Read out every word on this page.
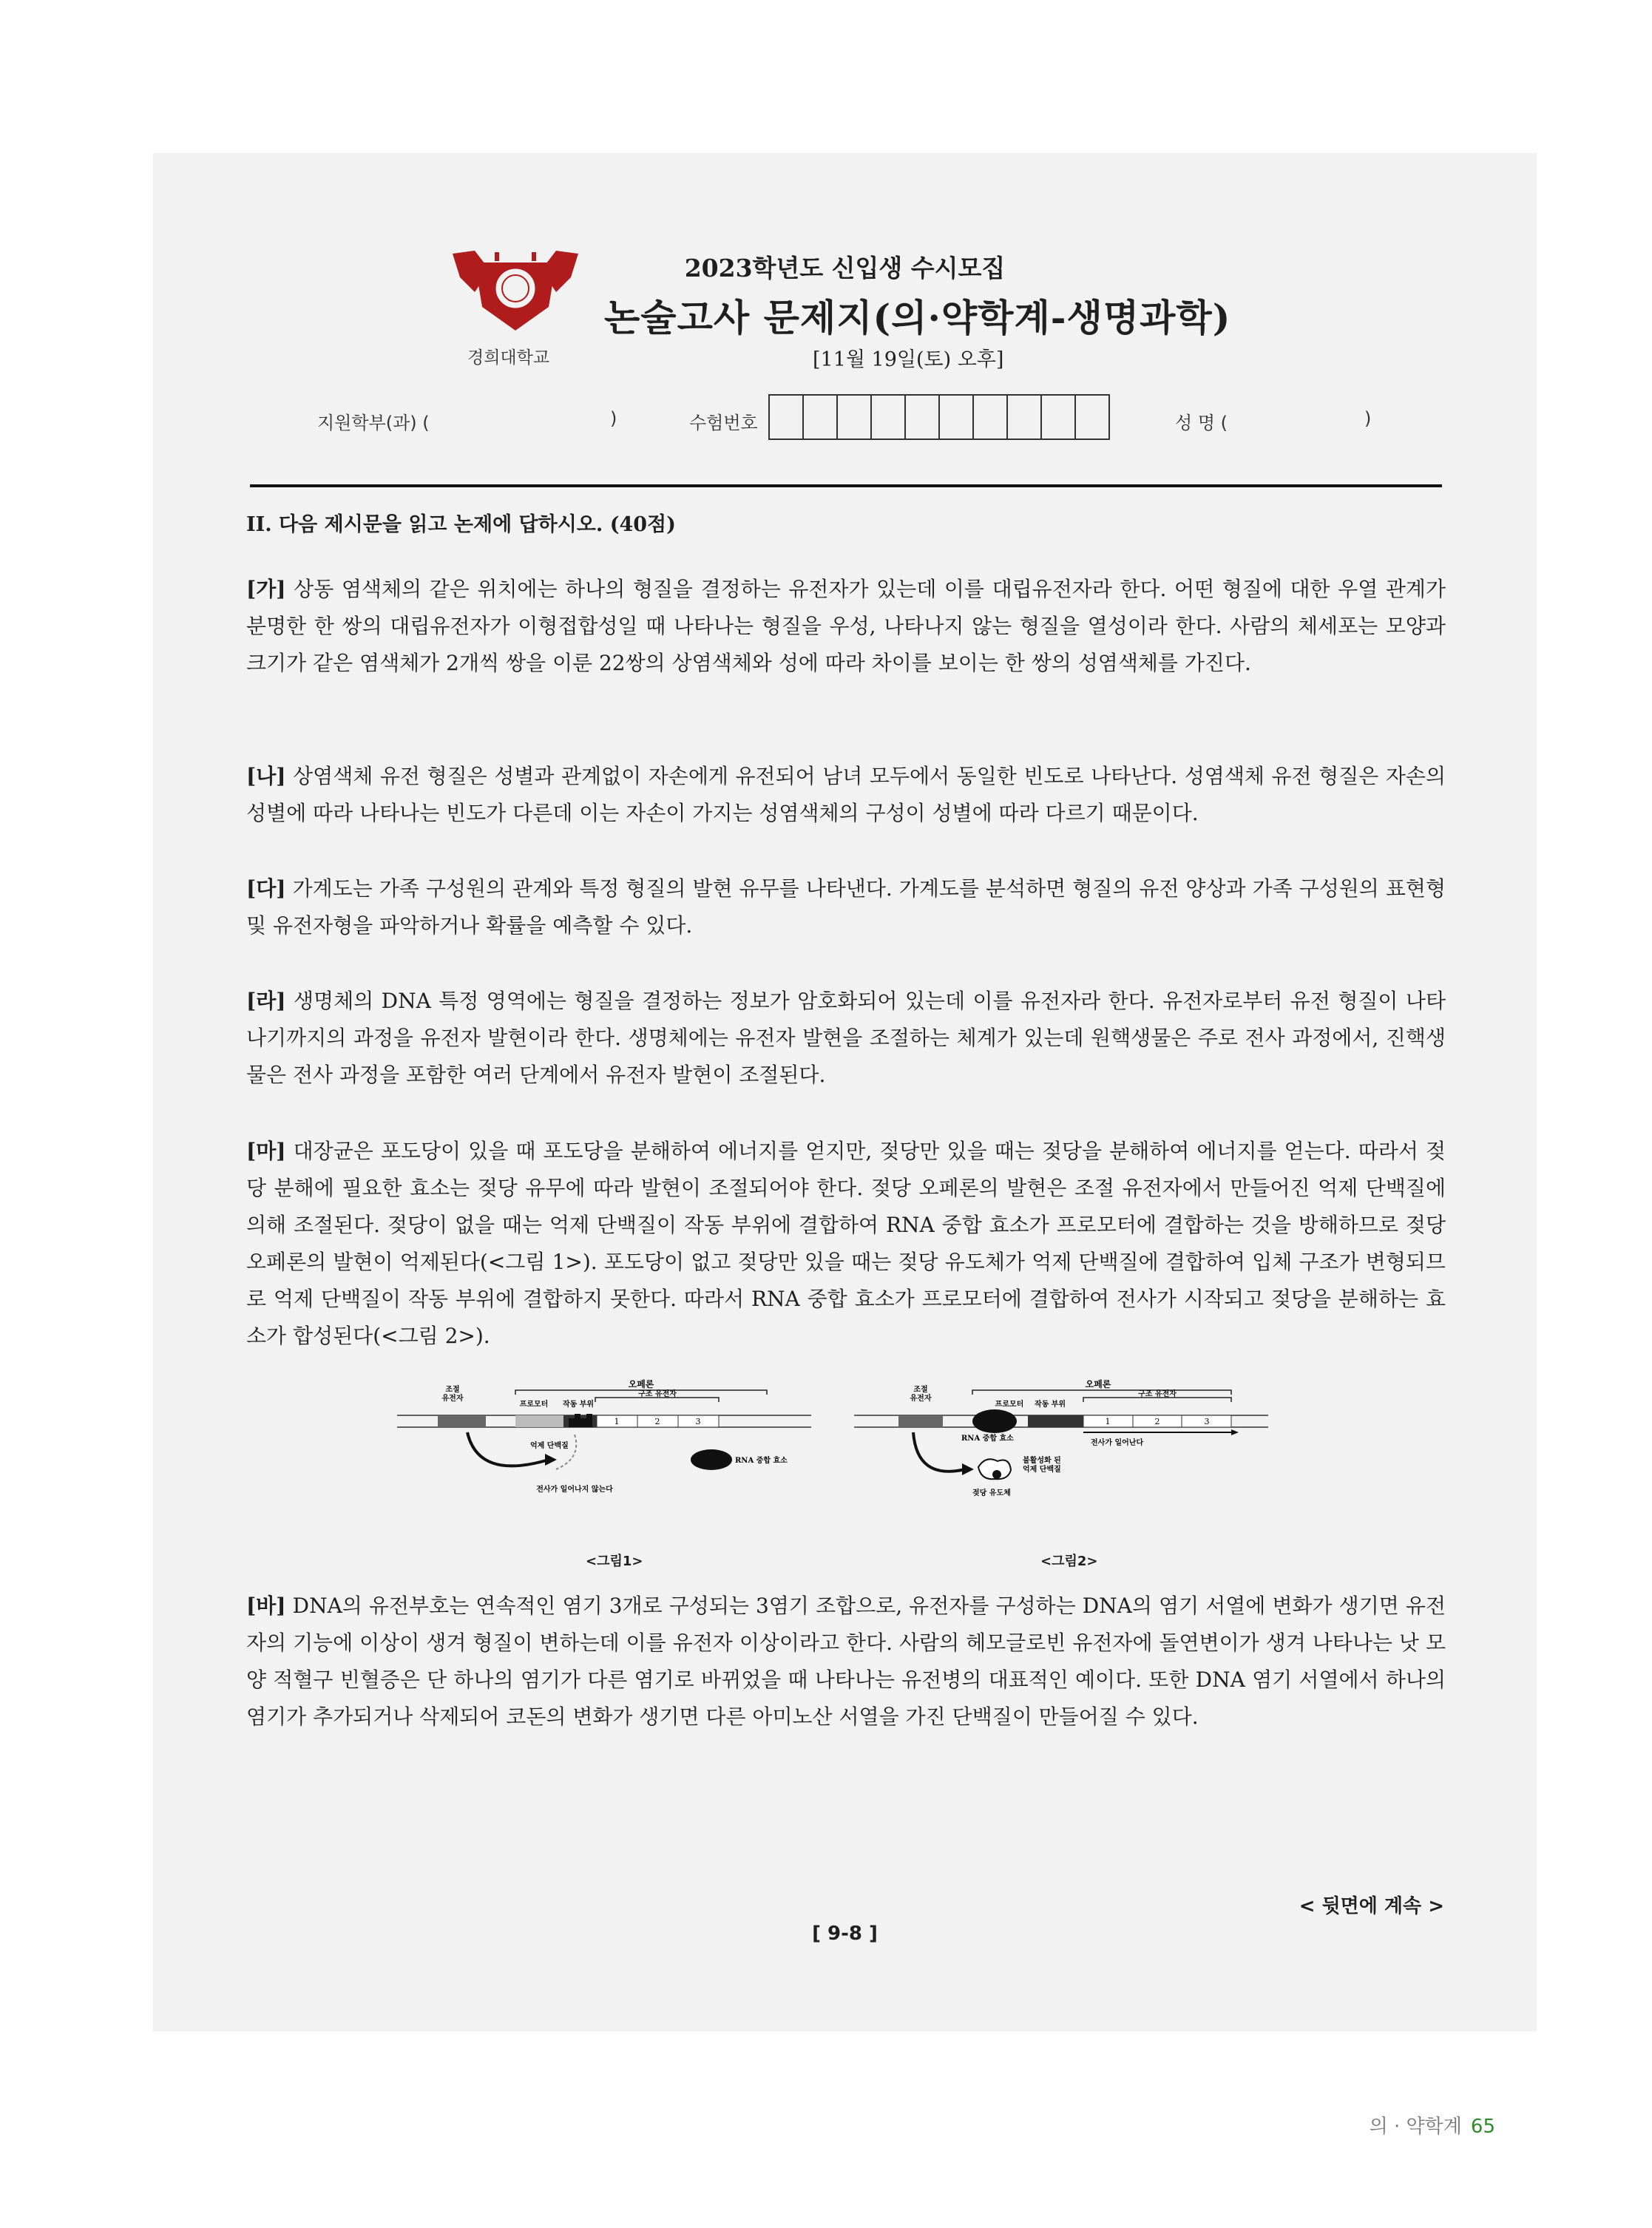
경희대학교
2023학년도 신입생 수시모집
논술고사 문제지(의·약학계-생명과학)
[11월 19일(토) 오후]
지원학부(과) (	)	수험번호	성 명 (	)
II. 다음 제시문을 읽고 논제에 답하시오. (40점)

[가] 상동 염색체의 같은 위치에는 하나의 형질을 결정하는 유전자가 있는데 이를 대립유전자라 한다. 어떤 형질에 대한 우열 관계가 분명한 한 쌍의 대립유전자가 이형접합성일 때 나타나는 형질을 우성, 나타나지 않는 형질을 열성이라 한다. 사람의 체세포는 모양과 크기가 같은 염색체가 2개씩 쌍을 이룬 22쌍의 상염색체와 성에 따라 차이를 보이는 한 쌍의 성염색체를 가진다.

[나] 상염색체 유전 형질은 성별과 관계없이 자손에게 유전되어 남녀 모두에서 동일한 빈도로 나타난다. 성염색체 유전 형질은 자손의 성별에 따라 나타나는 빈도가 다른데 이는 자손이 가지는 성염색체의 구성이 성별에 따라 다르기 때문이다.

[다] 가계도는 가족 구성원의 관계와 특정 형질의 발현 유무를 나타낸다. 가계도를 분석하면 형질의 유전 양상과 가족 구성원의 표현형 및 유전자형을 파악하거나 확률을 예측할 수 있다.

[라] 생명체의 DNA 특정 영역에는 형질을 결정하는 정보가 암호화되어 있는데 이를 유전자라 한다. 유전자로부터 유전 형질이 나타나기까지의 과정을 유전자 발현이라 한다. 생명체에는 유전자 발현을 조절하는 체계가 있는데 원핵생물은 주로 전사 과정에서, 진핵생물은 전사 과정을 포함한 여러 단계에서 유전자 발현이 조절된다.

[마] 대장균은 포도당이 있을 때 포도당을 분해하여 에너지를 얻지만, 젖당만 있을 때는 젖당을 분해하여 에너지를 얻는다. 따라서 젖당 분해에 필요한 효소는 젖당 유무에 따라 발현이 조절되어야 한다. 젖당 오페론의 발현은 조절 유전자에서 만들어진 억제 단백질에 의해 조절된다. 젖당이 없을 때는 억제 단백질이 작동 부위에 결합하여 RNA 중합 효소가 프로모터에 결합하는 것을 방해하므로 젖당 오페론의 발현이 억제된다(<그림 1>). 포도당이 없고 젖당만 있을 때는 젖당 유도체가 억제 단백질에 결합하여 입체 구조가 변형되므로 억제 단백질이 작동 부위에 결합하지 못한다. 따라서 RNA 중합 효소가 프로모터에 결합하여 전사가 시작되고 젖당을 분해하는 효소가 합성된다(<그림 2>).

오페론
조절
유전자
프로모터 작동 부위
구조 유전자
1	2	3
억제 단백질
RNA 중합 효소
전사가 일어나지 않는다
<그림1>
오페론
조절
유전자
프로모터 작동 부위
구조 유전자
1	2	3
RNA 중합 효소
전사가 일어난다
불활성화 된
억제 단백질
젖당 유도체
<그림2>

[바] DNA의 유전부호는 연속적인 염기 3개로 구성되는 3염기 조합으로, 유전자를 구성하는 DNA의 염기 서열에 변화가 생기면 유전자의 기능에 이상이 생겨 형질이 변하는데 이를 유전자 이상이라고 한다. 사람의 헤모글로빈 유전자에 돌연변이가 생겨 나타나는 낫 모양 적혈구 빈혈증은 단 하나의 염기가 다른 염기로 바뀌었을 때 나타나는 유전병의 대표적인 예이다. 또한 DNA 염기 서열에서 하나의 염기가 추가되거나 삭제되어 코돈의 변화가 생기면 다른 아미노산 서열을 가진 단백질이 만들어질 수 있다.

< 뒷면에 계속 >
[ 9-8 ]
의 · 약학계 65
